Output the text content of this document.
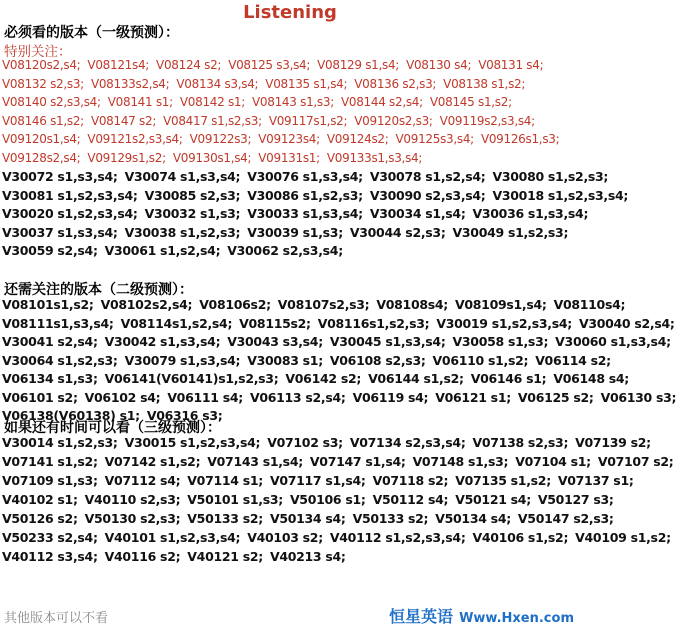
Listening
必须看的版本（一级预测）：
特别关注：
V08120s2,s4; V08121s4; V08124 s2; V08125 s3,s4; V08129 s1,s4; V08130 s4; V08131 s4;
V08132 s2,s3; V08133s2,s4; V08134 s3,s4; V08135 s1,s4; V08136 s2,s3; V08138 s1,s2;
V08140 s2,s3,s4; V08141 s1; V08142 s1; V08143 s1,s3; V08144 s2,s4; V08145 s1,s2;
V08146 s1,s2; V08147 s2; V08417 s1,s2,s3; V09117s1,s2; V09120s2,s3; V09119s2,s3,s4;
V09120s1,s4; V09121s2,s3,s4; V09122s3; V09123s4; V09124s2; V09125s3,s4; V09126s1,s3;
V09128s2,s4; V09129s1,s2; V09130s1,s4; V09131s1; V09133s1,s3,s4;
V30072 s1,s3,s4; V30074 s1,s3,s4; V30076 s1,s3,s4; V30078 s1,s2,s4; V30080 s1,s2,s3;
V30081 s1,s2,s3,s4; V30085 s2,s3; V30086 s1,s2,s3; V30090 s2,s3,s4; V30018 s1,s2,s3,s4;
V30020 s1,s2,s3,s4; V30032 s1,s3; V30033 s1,s3,s4; V30034 s1,s4; V30036 s1,s3,s4;
V30037 s1,s3,s4; V30038 s1,s2,s3; V30039 s1,s3; V30044 s2,s3; V30049 s1,s2,s3;
V30059 s2,s4; V30061 s1,s2,s4; V30062 s2,s3,s4;
还需关注的版本（二级预测）：
V08101s1,s2; V08102s2,s4; V08106s2; V08107s2,s3; V08108s4; V08109s1,s4; V08110s4;
V08111s1,s3,s4; V08114s1,s2,s4; V08115s2; V08116s1,s2,s3; V30019 s1,s2,s3,s4; V30040 s2,s4;
V30041 s2,s4; V30042 s1,s3,s4; V30043 s3,s4; V30045 s1,s3,s4; V30058 s1,s3; V30060 s1,s3,s4;
V30064 s1,s2,s3; V30079 s1,s3,s4; V30083 s1; V06108 s2,s3; V06110 s1,s2; V06114 s2;
V06134 s1,s3; V06141(V60141)s1,s2,s3; V06142 s2; V06144 s1,s2; V06146 s1; V06148 s4;
V06101 s2; V06102 s4; V06111 s4; V06113 s2,s4; V06119 s4; V06121 s1; V06125 s2; V06130 s3;
V06138(V60138) s1; V06316 s3;
如果还有时间可以看（三级预测）：
V30014 s1,s2,s3; V30015 s1,s2,s3,s4; V07102 s3; V07134 s2,s3,s4; V07138 s2,s3; V07139 s2;
V07141 s1,s2; V07142 s1,s2; V07143 s1,s4; V07147 s1,s4; V07148 s1,s3; V07104 s1; V07107 s2;
V07109 s1,s3; V07112 s4; V07114 s1; V07117 s1,s4; V07118 s2; V07135 s1,s2; V07137 s1;
V40102 s1; V40110 s2,s3; V50101 s1,s3; V50106 s1; V50112 s4; V50121 s4; V50127 s3;
V50126 s2; V50130 s2,s3; V50133 s2; V50134 s4; V50133 s2; V50134 s4; V50147 s2,s3;
V50233 s2,s4; V40101 s1,s2,s3,s4; V40103 s2; V40112 s1,s2,s3,s4; V40106 s1,s2; V40109 s1,s2;
V40112 s3,s4; V40116 s2; V40121 s2; V40213 s4;
其他版本可以不看	恒星英语 Www.Hxen.com
